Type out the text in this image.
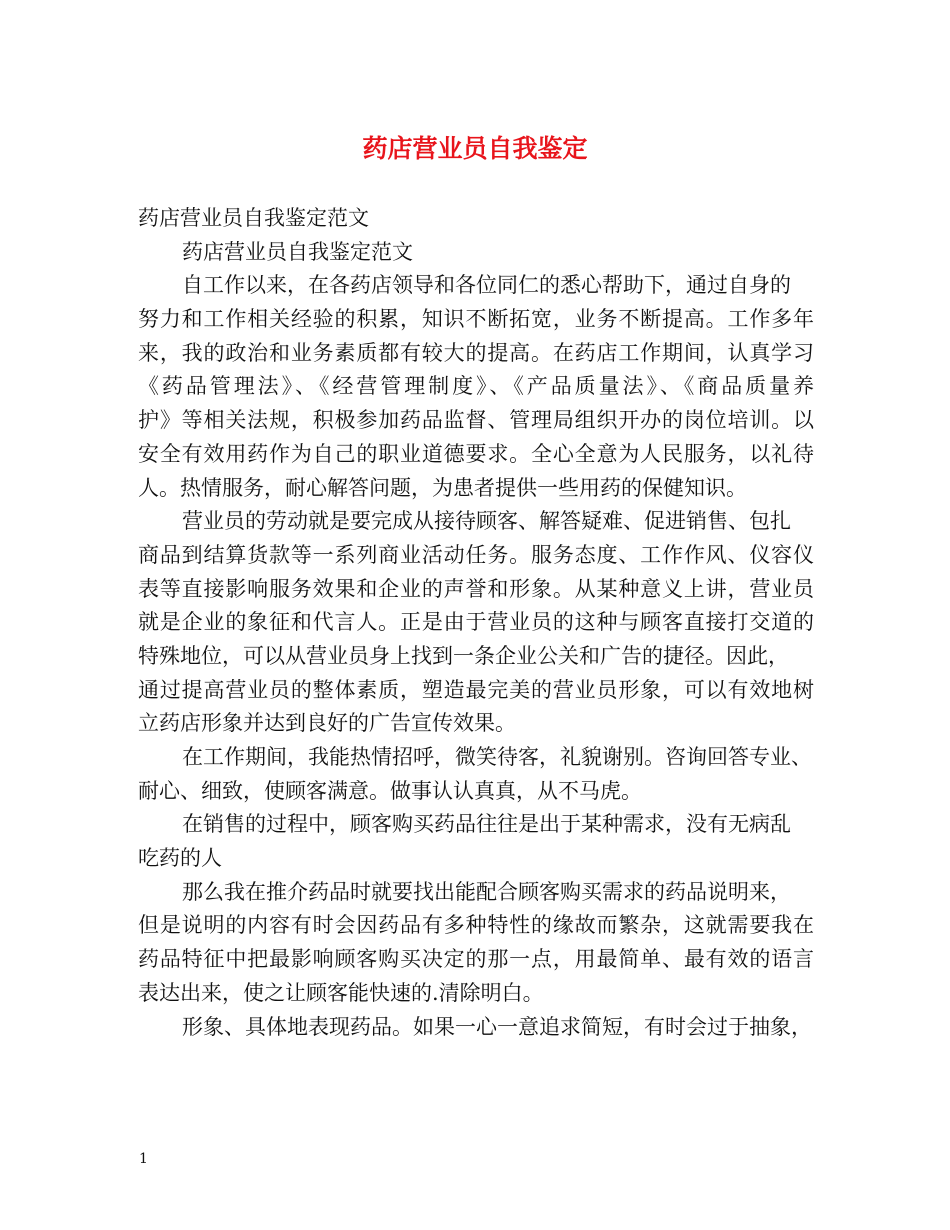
药店营业员自我鉴定
药店营业员自我鉴定范文
药店营业员自我鉴定范文
自工作以来，在各药店领导和各位同仁的悉心帮助下，通过自身的
努力和工作相关经验的积累，知识不断拓宽，业务不断提高。工作多年
来，我的政治和业务素质都有较大的提高。在药店工作期间，认真学习
《药品管理法》、《经营管理制度》、《产品质量法》、《商品质量养
护》等相关法规，积极参加药品监督、管理局组织开办的岗位培训。以
安全有效用药作为自己的职业道德要求。全心全意为人民服务，以礼待
人。热情服务，耐心解答问题，为患者提供一些用药的保健知识。
营业员的劳动就是要完成从接待顾客、解答疑难、促进销售、包扎
商品到结算货款等一系列商业活动任务。服务态度、工作作风、仪容仪
表等直接影响服务效果和企业的声誉和形象。从某种意义上讲，营业员
就是企业的象征和代言人。正是由于营业员的这种与顾客直接打交道的
特殊地位，可以从营业员身上找到一条企业公关和广告的捷径。因此，
通过提高营业员的整体素质，塑造最完美的营业员形象，可以有效地树
立药店形象并达到良好的广告宣传效果。
在工作期间，我能热情招呼，微笑待客，礼貌谢别。咨询回答专业、
耐心、细致，使顾客满意。做事认认真真，从不马虎。
在销售的过程中，顾客购买药品往往是出于某种需求，没有无病乱
吃药的人
那么我在推介药品时就要找出能配合顾客购买需求的药品说明来，
但是说明的内容有时会因药品有多种特性的缘故而繁杂，这就需要我在
药品特征中把最影响顾客购买决定的那一点，用最简单、最有效的语言
表达出来，使之让顾客能快速的.清除明白。
形象、具体地表现药品。如果一心一意追求简短，有时会过于抽象，
1
